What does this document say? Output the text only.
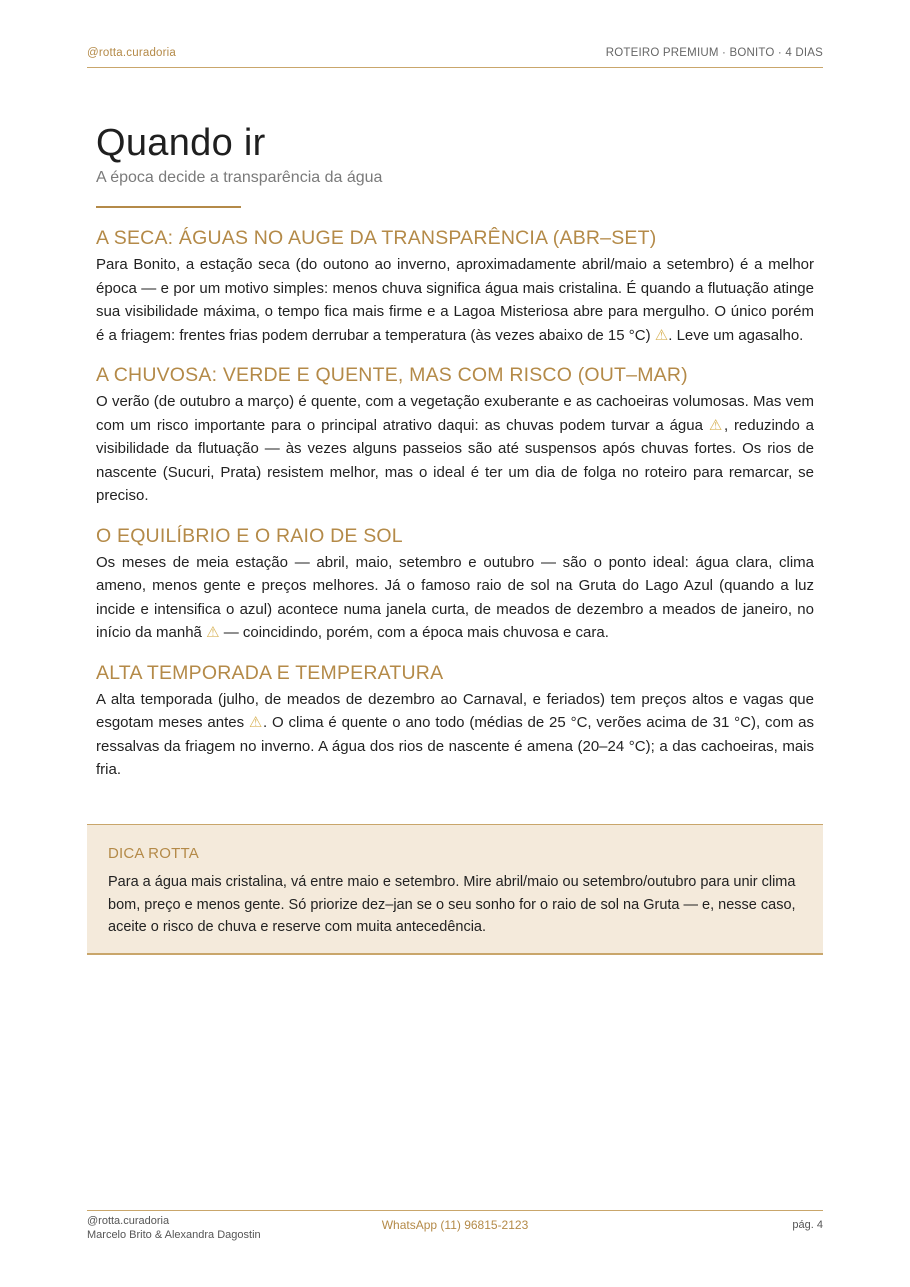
@rotta.curadoria	ROTEIRO PREMIUM · BONITO · 4 DIAS
Quando ir
A época decide a transparência da água
A SECA: ÁGUAS NO AUGE DA TRANSPARÊNCIA (ABR–SET)

Para Bonito, a estação seca (do outono ao inverno, aproximadamente abril/maio a setembro) é a melhor época — e por um motivo simples: menos chuva significa água mais cristalina. É quando a flutuação atinge sua visibilidade máxima, o tempo fica mais firme e a Lagoa Misteriosa abre para mergulho. O único porém é a friagem: frentes frias podem derrubar a temperatura (às vezes abaixo de 15 °C) ⚠. Leve um agasalho.

A CHUVOSA: VERDE E QUENTE, MAS COM RISCO (OUT–MAR)

O verão (de outubro a março) é quente, com a vegetação exuberante e as cachoeiras volumosas. Mas vem com um risco importante para o principal atrativo daqui: as chuvas podem turvar a água ⚠, reduzindo a visibilidade da flutuação — às vezes alguns passeios são até suspensos após chuvas fortes. Os rios de nascente (Sucuri, Prata) resistem melhor, mas o ideal é ter um dia de folga no roteiro para remarcar, se preciso.

O EQUILÍBRIO E O RAIO DE SOL

Os meses de meia estação — abril, maio, setembro e outubro — são o ponto ideal: água clara, clima ameno, menos gente e preços melhores. Já o famoso raio de sol na Gruta do Lago Azul (quando a luz incide e intensifica o azul) acontece numa janela curta, de meados de dezembro a meados de janeiro, no início da manhã ⚠ — coincidindo, porém, com a época mais chuvosa e cara.

ALTA TEMPORADA E TEMPERATURA

A alta temporada (julho, de meados de dezembro ao Carnaval, e feriados) tem preços altos e vagas que esgotam meses antes ⚠. O clima é quente o ano todo (médias de 25 °C, verões acima de 31 °C), com as ressalvas da friagem no inverno. A água dos rios de nascente é amena (20–24 °C); a das cachoeiras, mais fria.

DICA ROTTA
Para a água mais cristalina, vá entre maio e setembro. Mire abril/maio ou setembro/outubro para unir clima bom, preço e menos gente. Só priorize dez–jan se o seu sonho for o raio de sol na Gruta — e, nesse caso, aceite o risco de chuva e reserve com muita antecedência.
@rotta.curadoria
Marcelo Brito & Alexandra Dagostin
WhatsApp (11) 96815-2123	pág. 4
